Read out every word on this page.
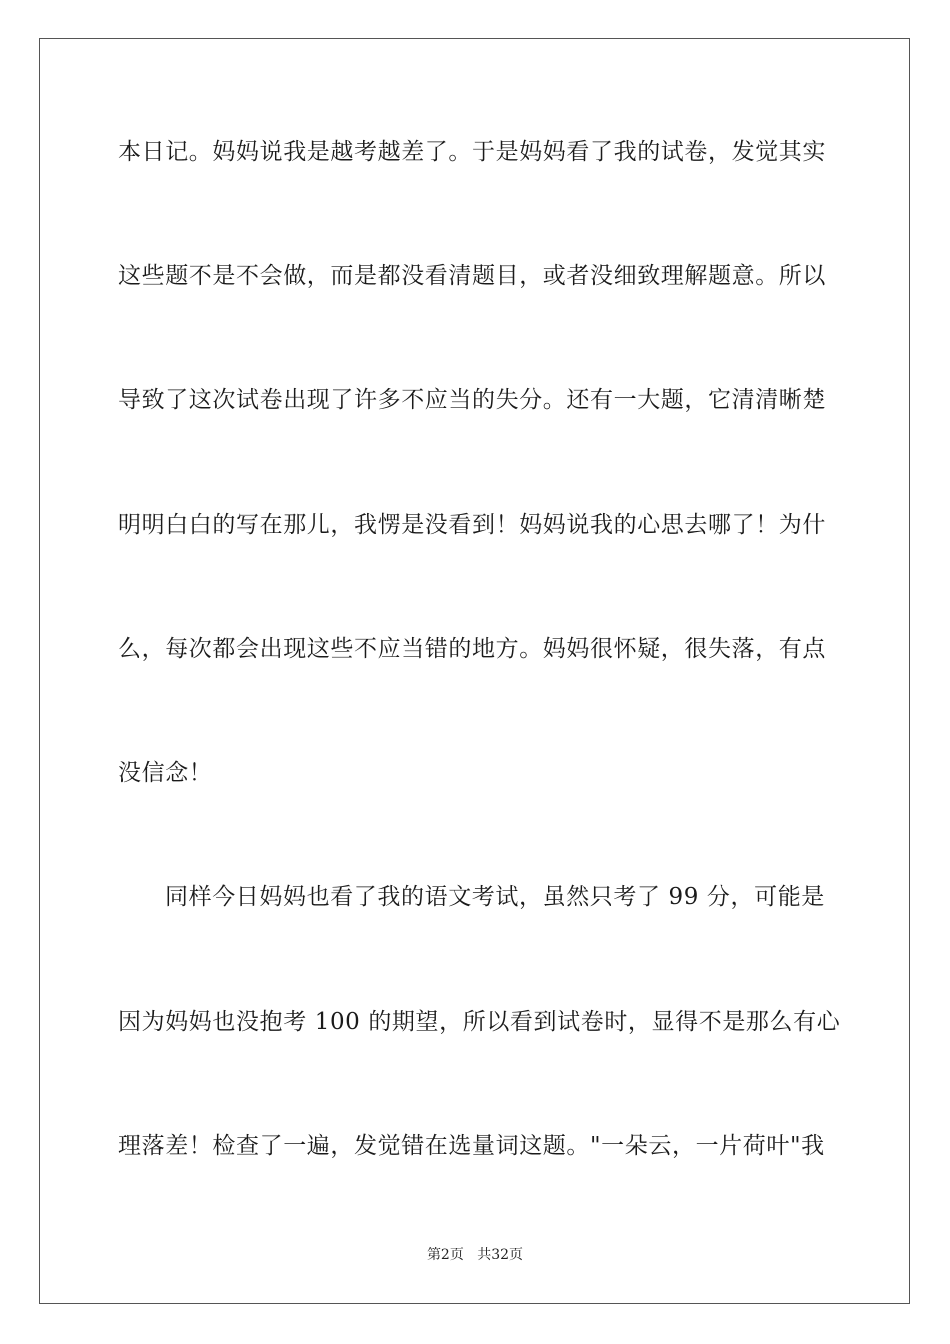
本日记。妈妈说我是越考越差了。于是妈妈看了我的试卷，发觉其实
这些题不是不会做，而是都没看清题目，或者没细致理解题意。所以
导致了这次试卷出现了许多不应当的失分。还有一大题，它清清晰楚
明明白白的写在那儿，我愣是没看到！妈妈说我的心思去哪了！为什
么，每次都会出现这些不应当错的地方。妈妈很怀疑，很失落，有点
没信念！
同样今日妈妈也看了我的语文考试，虽然只考了 99 分，可能是
因为妈妈也没抱考 100 的期望，所以看到试卷时，显得不是那么有心
理落差！检查了一遍，发觉错在选量词这题。"一朵云，一片荷叶"我
第2页 共32页
